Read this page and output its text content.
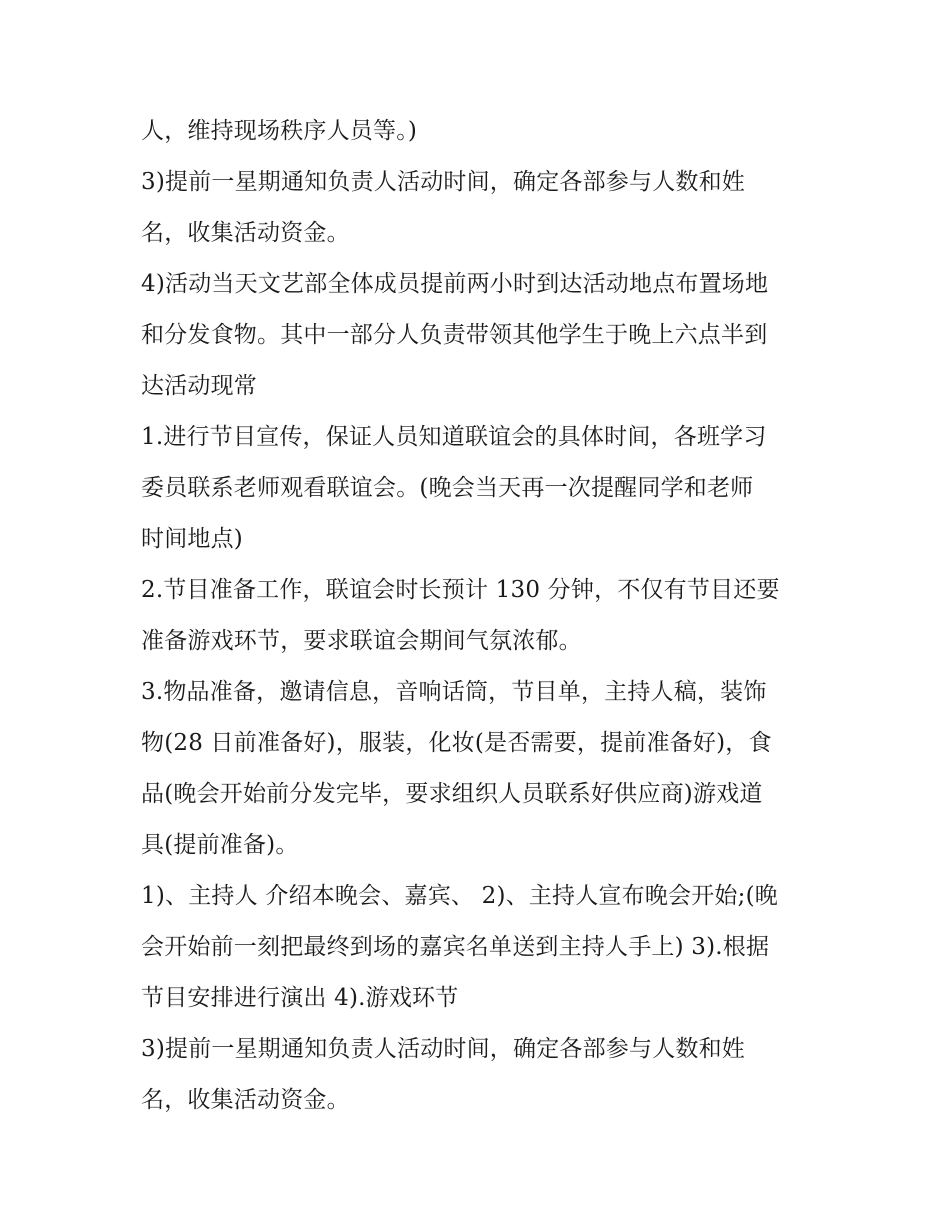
人，维持现场秩序人员等。)
3)提前一星期通知负责人活动时间，确定各部参与人数和姓
名，收集活动资金。
4)活动当天文艺部全体成员提前两小时到达活动地点布置场地
和分发食物。其中一部分人负责带领其他学生于晚上六点半到
达活动现常
1.进行节目宣传，保证人员知道联谊会的具体时间，各班学习
委员联系老师观看联谊会。(晚会当天再一次提醒同学和老师
时间地点)
2.节目准备工作，联谊会时长预计 130 分钟，不仅有节目还要
准备游戏环节，要求联谊会期间气氛浓郁。
3.物品准备，邀请信息，音响话筒，节目单，主持人稿，装饰
物(28 日前准备好)，服装，化妆(是否需要，提前准备好)，食
品(晚会开始前分发完毕，要求组织人员联系好供应商)游戏道
具(提前准备)。
1)、主持人 介绍本晚会、嘉宾、 2)、主持人宣布晚会开始;(晚
会开始前一刻把最终到场的嘉宾名单送到主持人手上) 3).根据
节目安排进行演出 4).游戏环节
3)提前一星期通知负责人活动时间，确定各部参与人数和姓
名，收集活动资金。
